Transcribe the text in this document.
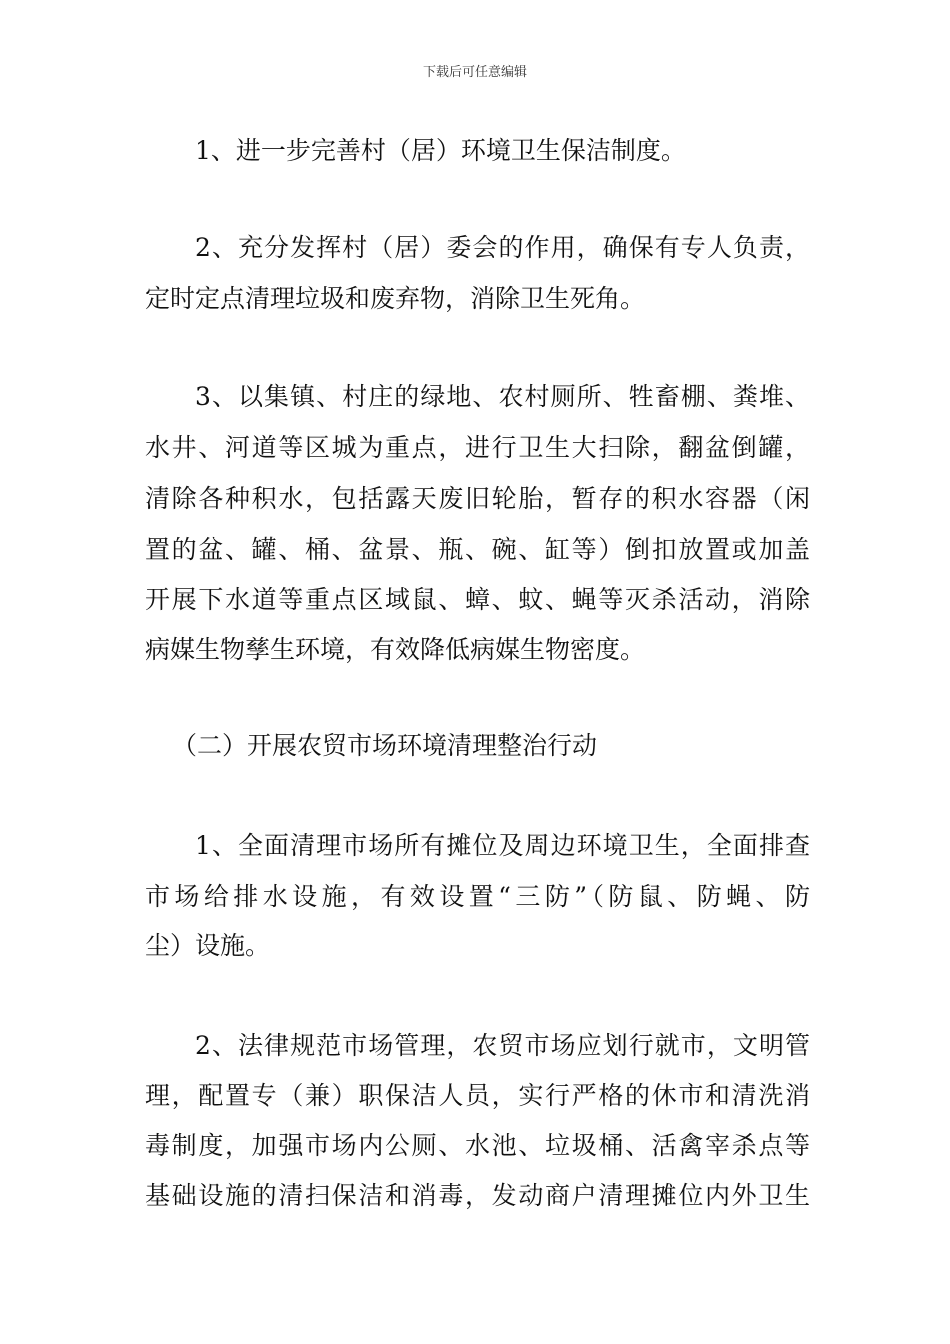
下载后可任意编辑
1、进一步完善村（居）环境卫生保洁制度。
2、充分发挥村（居）委会的作用，确保有专人负责，
定时定点清理垃圾和废弃物，消除卫生死角。
3、以集镇、村庄的绿地、农村厕所、牲畜棚、粪堆、
水井、河道等区城为重点，进行卫生大扫除，翻盆倒罐，
清除各种积水，包括露天废旧轮胎，暂存的积水容器（闲
置的盆、罐、桶、盆景、瓶、碗、缸等）倒扣放置或加盖
开展下水道等重点区域鼠、蟑、蚊、蝇等灭杀活动，消除
病媒生物孳生环境，有效降低病媒生物密度。
（二）开展农贸市场环境清理整治行动
1、全面清理市场所有摊位及周边环境卫生，全面排查
市场给排水设施，有效设置“三防”（防鼠、防蝇、防
尘）设施。
2、法律规范市场管理，农贸市场应划行就市，文明管
理，配置专（兼）职保洁人员，实行严格的休市和清洗消
毒制度，加强市场内公厕、水池、垃圾桶、活禽宰杀点等
基础设施的清扫保洁和消毒，发动商户清理摊位内外卫生
